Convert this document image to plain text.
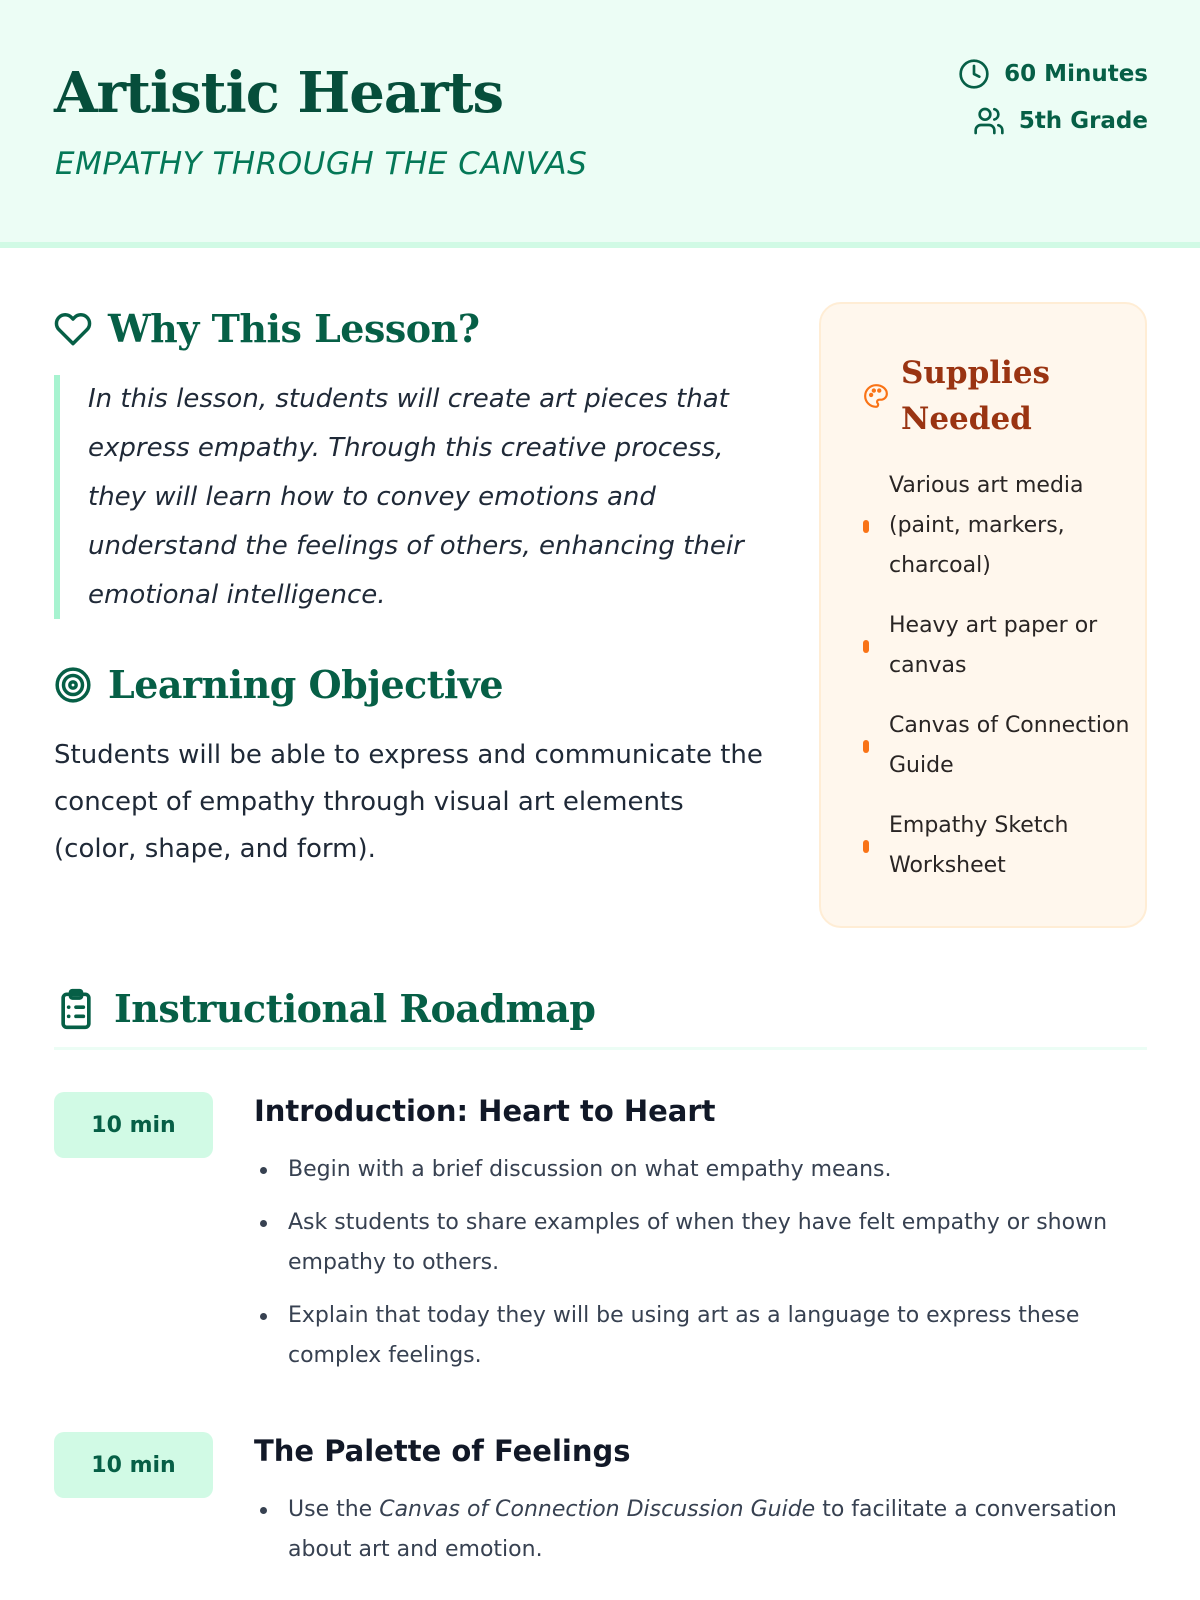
Artistic Hearts
EMPATHY THROUGH THE CANVAS
60 Minutes
5th Grade
Why This Lesson?
In this lesson, students will create art pieces that express empathy. Through this creative process, they will learn how to convey emotions and understand the feelings of others, enhancing their emotional intelligence.
Learning Objective
Students will be able to express and communicate the concept of empathy through visual art elements (color, shape, and form).
Supplies Needed
Various art media (paint, markers, charcoal)
Heavy art paper or canvas
Canvas of Connection Guide
Empathy Sketch Worksheet
Instructional Roadmap
10 min	Introduction: Heart to Heart
Begin with a brief discussion on what empathy means.
Ask students to share examples of when they have felt empathy or shown empathy to others.
Explain that today they will be using art as a language to express these complex feelings.
10 min	The Palette of Feelings
Use the Canvas of Connection Discussion Guide to facilitate a conversation about art and emotion.
